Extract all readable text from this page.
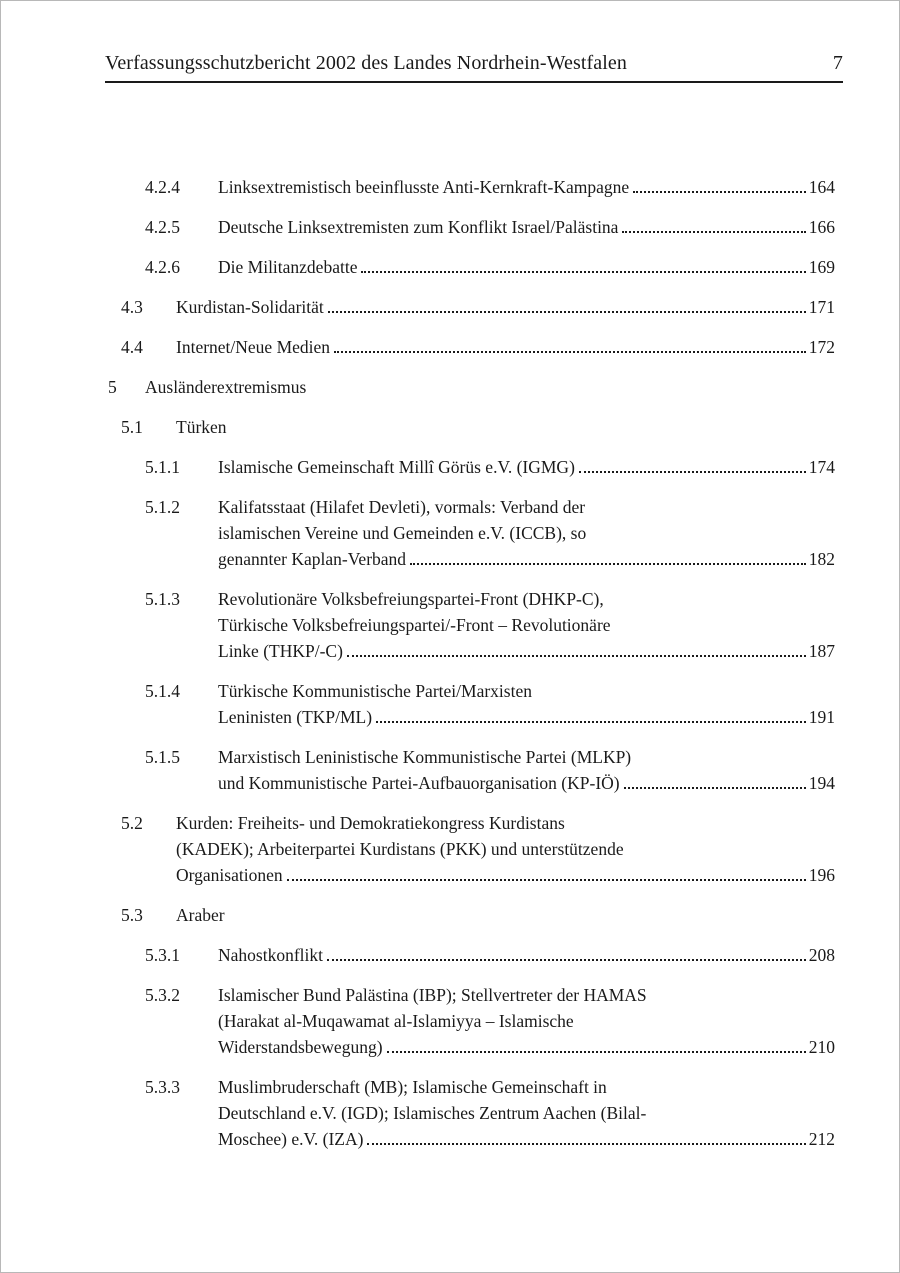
Verfassungsschutzbericht 2002 des Landes Nordrhein-Westfalen	7
4.2.4	Linksextremistisch beeinflusste Anti-Kernkraft-Kampagne	164
4.2.5	Deutsche Linksextremisten zum Konflikt Israel/Palästina	166
4.2.6	Die Militanzdebatte	169
4.3	Kurdistan-Solidarität	171
4.4	Internet/Neue Medien	172
5	Ausländerextremismus
5.1	Türken
5.1.1	Islamische Gemeinschaft Millî Görüs e.V. (IGMG)	174
5.1.2	Kalifatsstaat (Hilafet Devleti), vormals: Verband der
islamischen Vereine und Gemeinden e.V. (ICCB), so
genannter Kaplan-Verband	182
5.1.3	Revolutionäre Volksbefreiungspartei-Front (DHKP-C),
Türkische Volksbefreiungspartei/-Front – Revolutionäre
Linke (THKP/-C)	187
5.1.4	Türkische Kommunistische Partei/Marxisten
Leninisten (TKP/ML)	191
5.1.5	Marxistisch Leninistische Kommunistische Partei (MLKP)
und Kommunistische Partei-Aufbauorganisation (KP-IÖ)	194
5.2	Kurden: Freiheits- und Demokratiekongress Kurdistans
(KADEK); Arbeiterpartei Kurdistans (PKK) und unterstützende
Organisationen	196
5.3	Araber
5.3.1	Nahostkonflikt	208
5.3.2	Islamischer Bund Palästina (IBP); Stellvertreter der HAMAS
(Harakat al-Muqawamat al-Islamiyya – Islamische
Widerstandsbewegung)	210
5.3.3	Muslimbruderschaft (MB); Islamische Gemeinschaft in
Deutschland e.V. (IGD); Islamisches Zentrum Aachen (Bilal-
Moschee) e.V. (IZA)	212
